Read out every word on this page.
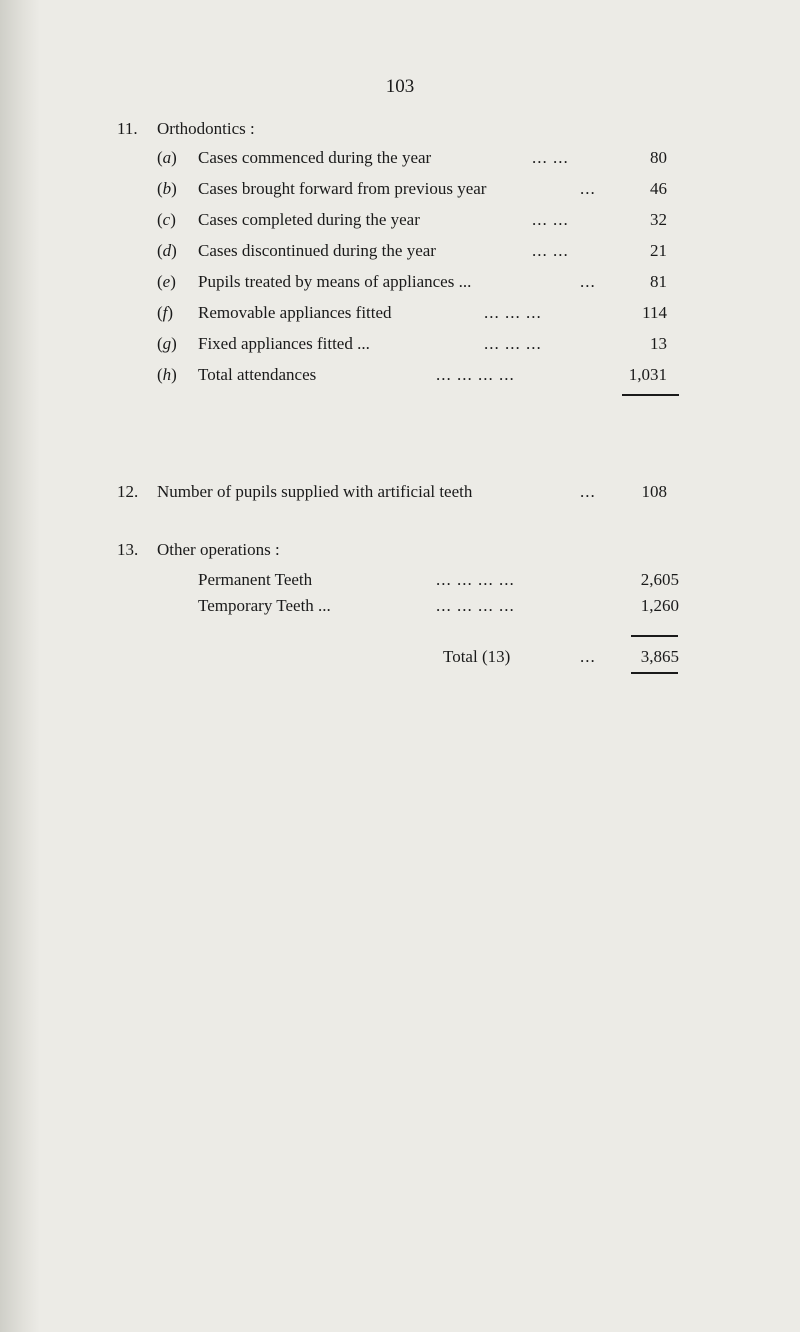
103
11. Orthodontics :
(a) Cases commenced during the year	... ...	80
(b) Cases brought forward from previous year	...	46
(c) Cases completed during the year	... ...	32
(d) Cases discontinued during the year	... ...	21
(e) Pupils treated by means of appliances ...	...	81
(f) Removable appliances fitted	... ... ...	114
(g) Fixed appliances fitted ...	... ... ...	13
(h) Total attendances	... ... ... ...	1,031
12. Number of pupils supplied with artificial teeth	...	108
13. Other operations :
Permanent Teeth	... ... ... ...	2,605
Temporary Teeth ...	... ... ... ...	1,260
Total (13)	...	3,865
